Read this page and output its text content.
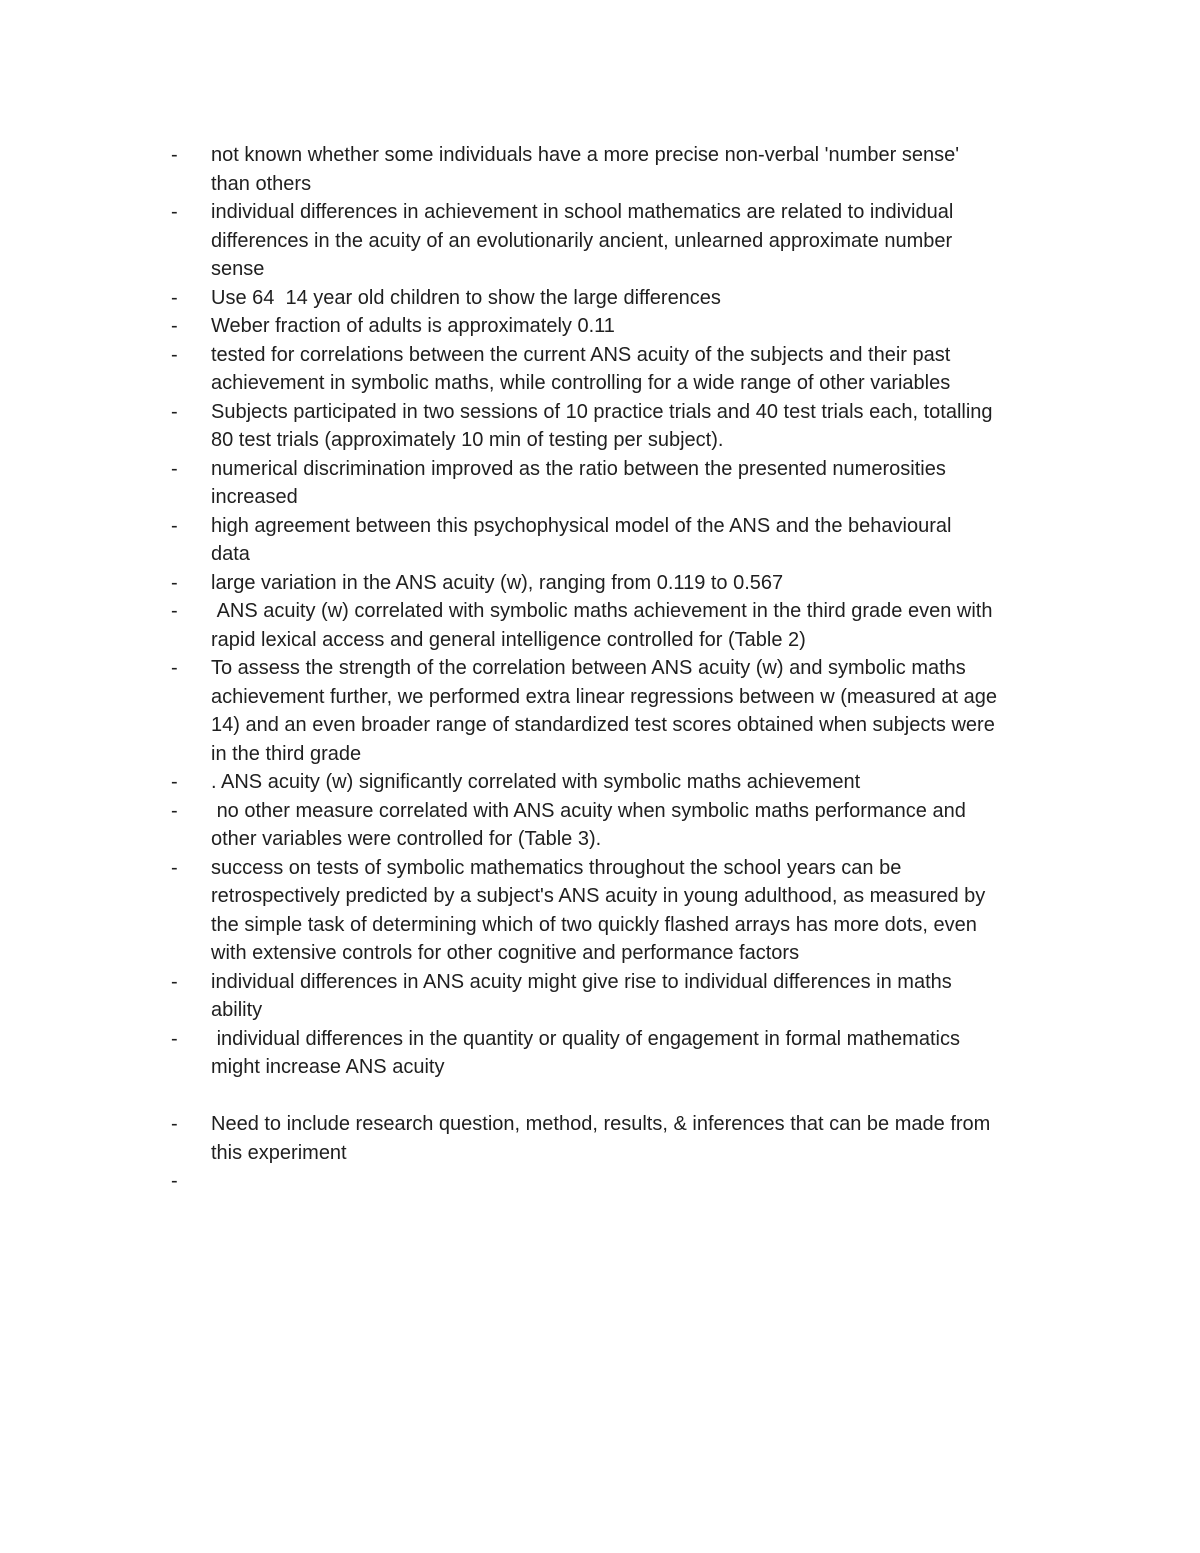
-	not known whether some individuals have a more precise non-verbal 'number sense'
than others
-	individual differences in achievement in school mathematics are related to individual
differences in the acuity of an evolutionarily ancient, unlearned approximate number
sense
-	Use 64  14 year old children to show the large differences
-	Weber fraction of adults is approximately 0.11
-	tested for correlations between the current ANS acuity of the subjects and their past
achievement in symbolic maths, while controlling for a wide range of other variables
-	Subjects participated in two sessions of 10 practice trials and 40 test trials each, totalling
80 test trials (approximately 10 min of testing per subject).
-	numerical discrimination improved as the ratio between the presented numerosities
increased
-	high agreement between this psychophysical model of the ANS and the behavioural
data
-	large variation in the ANS acuity (w), ranging from 0.119 to 0.567
-	ANS acuity (w) correlated with symbolic maths achievement in the third grade even with
rapid lexical access and general intelligence controlled for (Table 2)
-	To assess the strength of the correlation between ANS acuity (w) and symbolic maths
achievement further, we performed extra linear regressions between w (measured at age
14) and an even broader range of standardized test scores obtained when subjects were
in the third grade
-	. ANS acuity (w) significantly correlated with symbolic maths achievement
-	no other measure correlated with ANS acuity when symbolic maths performance and
other variables were controlled for (Table 3).
-	success on tests of symbolic mathematics throughout the school years can be
retrospectively predicted by a subject's ANS acuity in young adulthood, as measured by
the simple task of determining which of two quickly flashed arrays has more dots, even
with extensive controls for other cognitive and performance factors
-	individual differences in ANS acuity might give rise to individual differences in maths
ability
-	individual differences in the quantity or quality of engagement in formal mathematics
might increase ANS acuity
-	Need to include research question, method, results, & inferences that can be made from
this experiment
-
